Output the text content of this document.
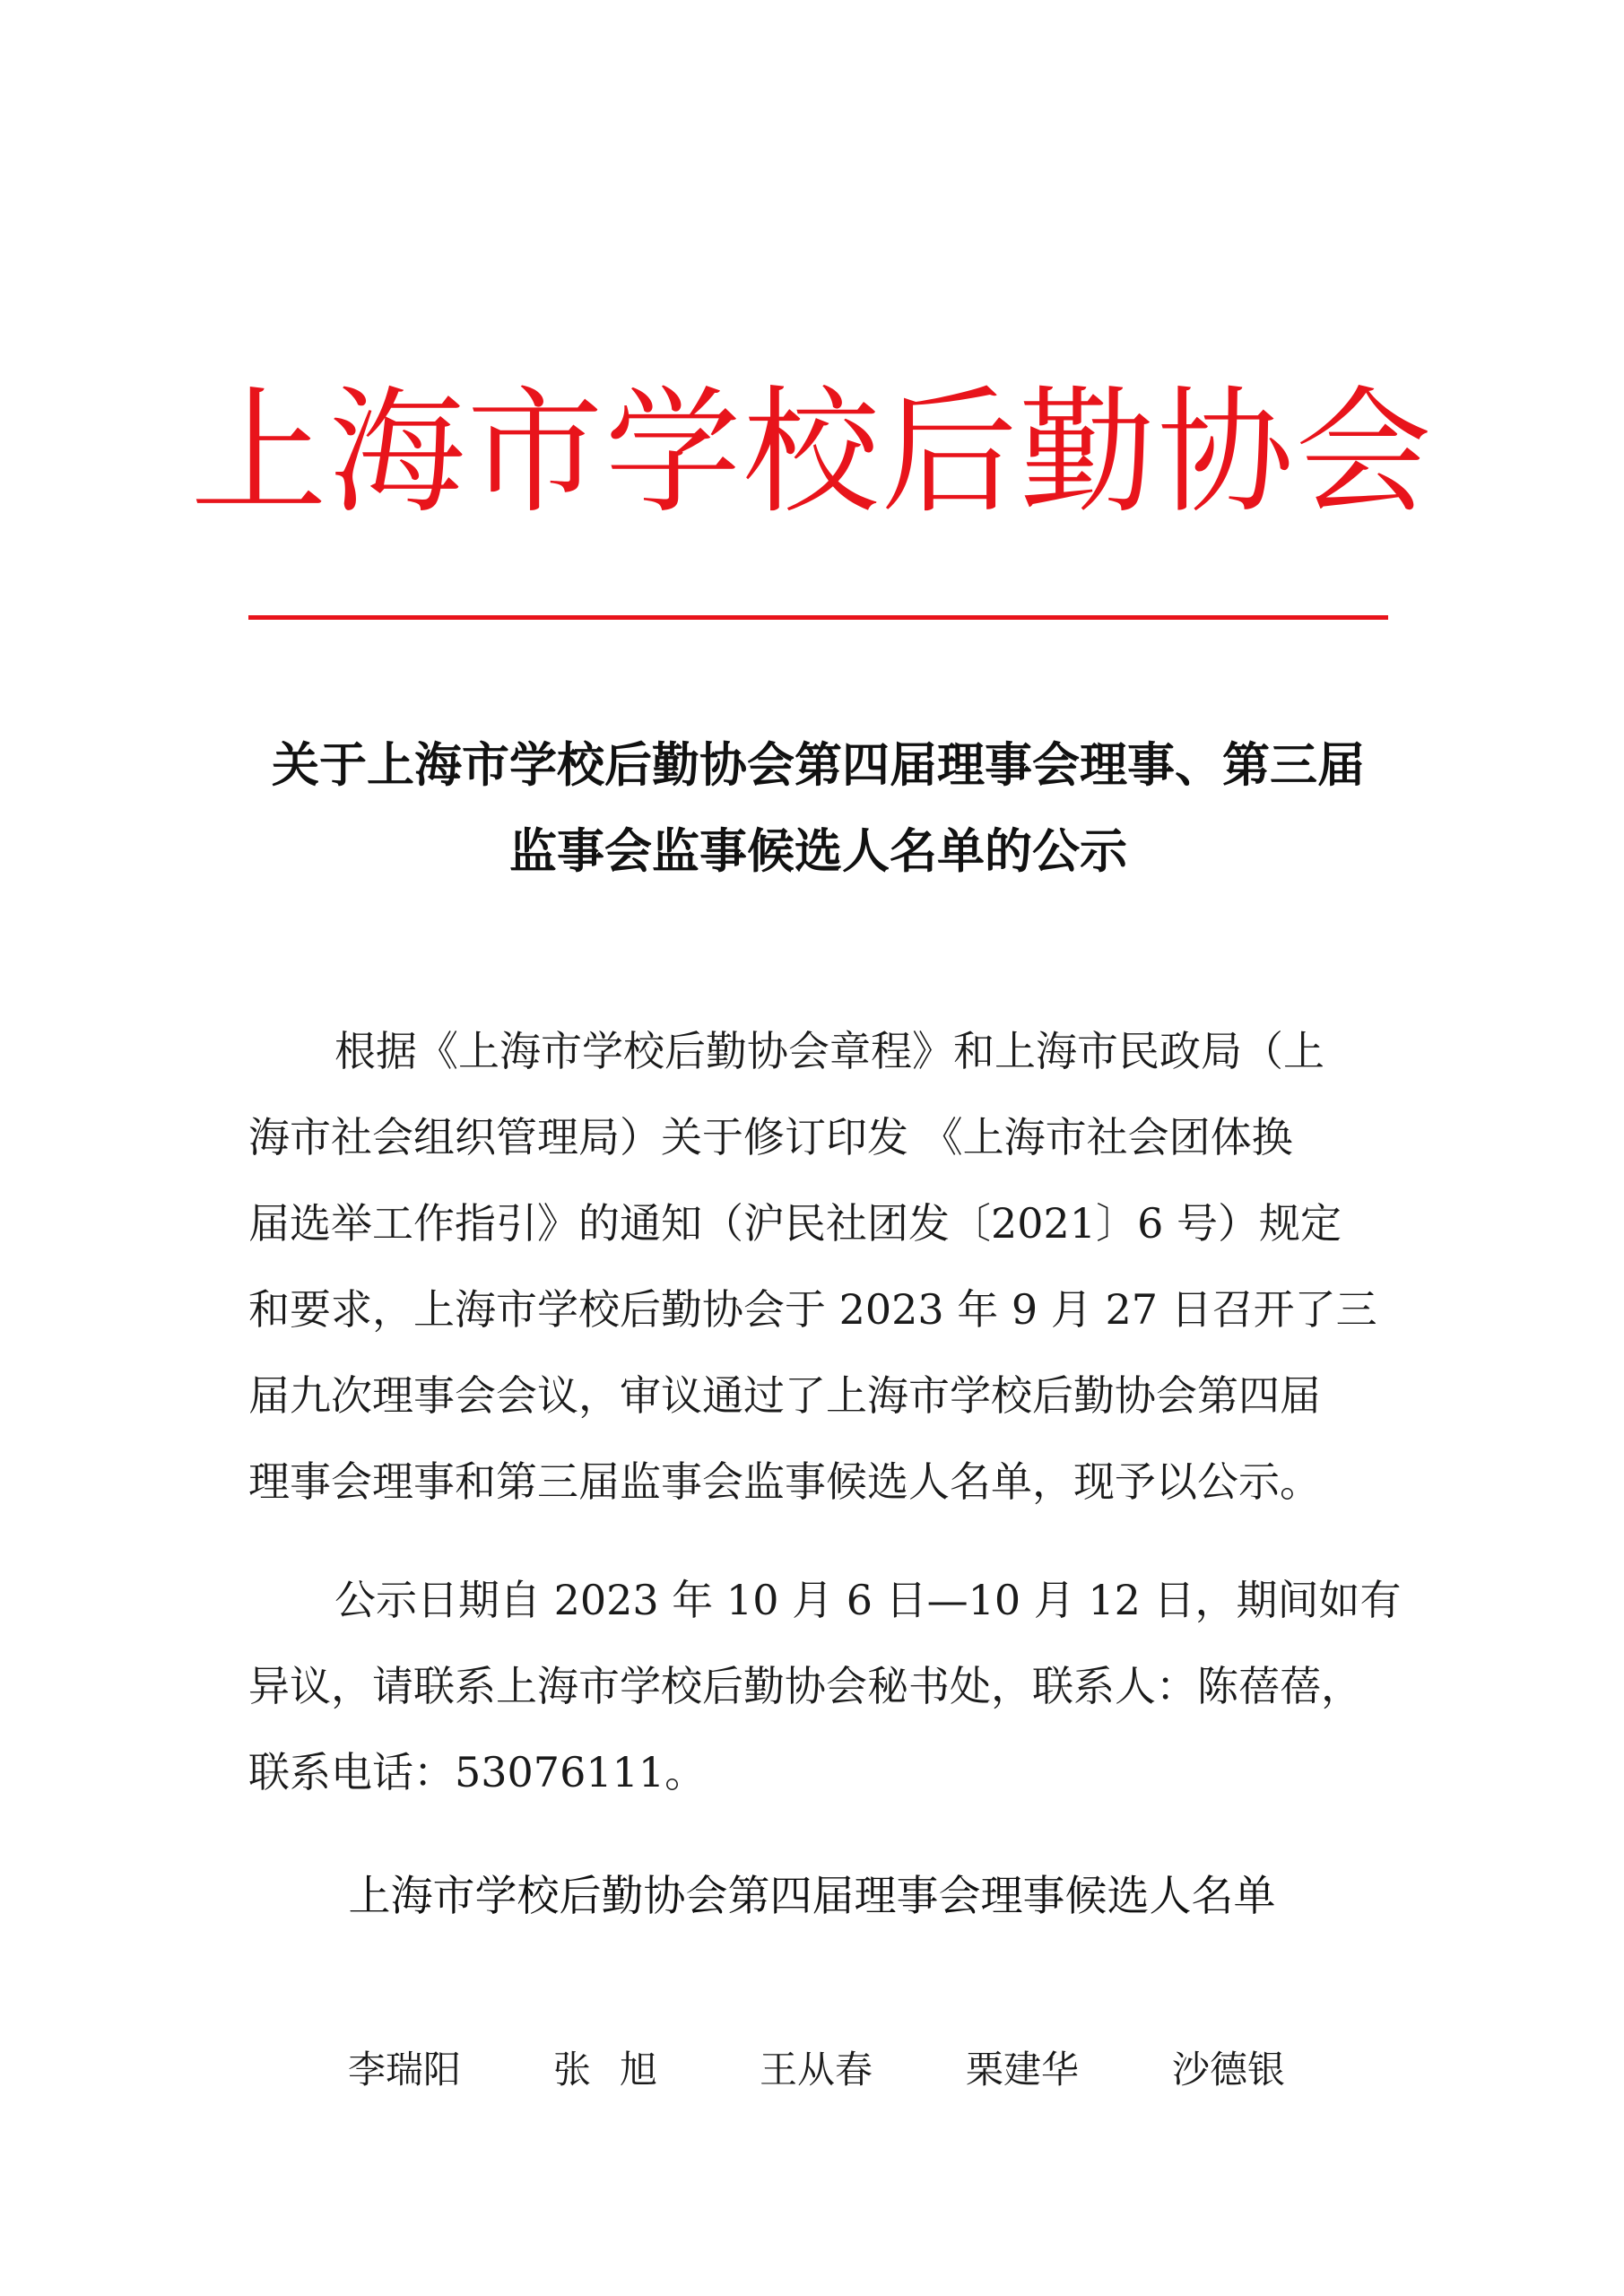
上海市学校后勤协会
关于上海市学校后勤协会第四届理事会理事、第三届
监事会监事候选人名单的公示
根据《上海市学校后勤协会章程》和上海市民政局（上
海市社会组织管理局）关于修订印发 《上海市社会团体换
届选举工作指引》的通知（沪民社团发〔2021〕6 号）规定
和要求，上海市学校后勤协会于 2023 年 9 月 27 日召开了三
届九次理事会会议，审议通过了上海市学校后勤协会第四届
理事会理事和第三届监事会监事候选人名单，现予以公示。
公示日期自 2023 年 10 月 6 日—10 月 12 日，期间如有
异议，请联系上海市学校后勤协会秘书处，联系人：陈蓓蓓，
联系电话：53076111。
上海市学校后勤协会第四届理事会理事候选人名单
李瑞阳 张旭 王从春 栗建华 沙德银
